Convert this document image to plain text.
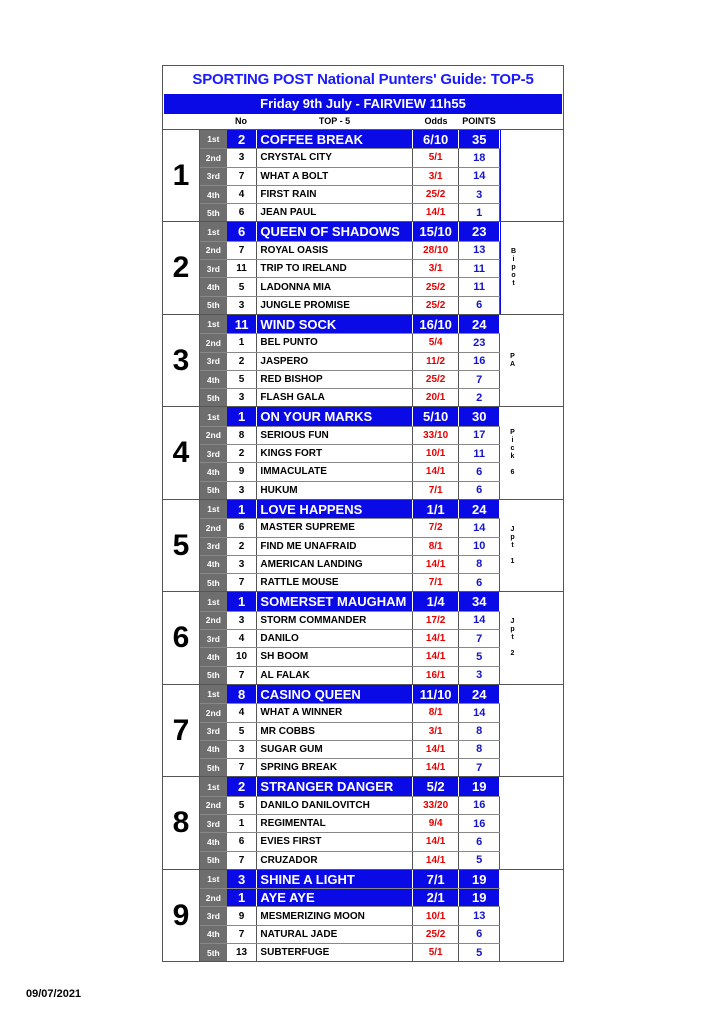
SPORTING POST National Punters' Guide: TOP-5
Friday 9th July - FAIRVIEW 11h55
No	TOP - 5	Odds	POINTS
1
1st	2	COFFEE BREAK	6/10	35
2nd	3	CRYSTAL CITY	5/1	18
3rd	7	WHAT A BOLT	3/1	14
4th	4	FIRST RAIN	25/2	3
5th	6	JEAN PAUL	14/1	1
2
1st	6	QUEEN OF SHADOWS	15/10	23
2nd	7	ROYAL OASIS	28/10	13
3rd	11	TRIP TO IRELAND	3/1	11
4th	5	LADONNA MIA	25/2	11
5th	3	JUNGLE PROMISE	25/2	6
B
i
p
o
t
3
1st	11 WIND SOCK	16/10	24
2nd	1	BEL PUNTO	5/4	23
3rd	2	JASPERO	11/2	16
4th	5	RED BISHOP	25/2	7
5th	3	FLASH GALA	20/1	2
P
A
4
1st	1	ON YOUR MARKS	5/10	30
2nd	8	SERIOUS FUN	33/10	17
3rd	2	KINGS FORT	10/1	11
4th	9	IMMACULATE	14/1	6
5th	3	HUKUM	7/1	6
P
i
c
k

6
5
1st	1	LOVE HAPPENS	1/1	24
2nd	6	MASTER SUPREME	7/2	14
3rd	2	FIND ME UNAFRAID	8/1	10
4th	3	AMERICAN LANDING	14/1	8
5th	7	RATTLE MOUSE	7/1	6
J
p
t

1
6
1st	1	SOMERSET MAUGHAM	1/4	34
2nd	3	STORM COMMANDER	17/2	14
3rd	4	DANILO	14/1	7
4th	10	SH BOOM	14/1	5
5th	7	AL FALAK	16/1	3
J
p
t

2
7
1st	8	CASINO QUEEN	11/10	24
2nd	4	WHAT A WINNER	8/1	14
3rd	5	MR COBBS	3/1	8
4th	3	SUGAR GUM	14/1	8
5th	7	SPRING BREAK	14/1	7
8
1st	2	STRANGER DANGER	5/2	19
2nd	5	DANILO DANILOVITCH	33/20	16
3rd	1	REGIMENTAL	9/4	16
4th	6	EVIES FIRST	14/1	6
5th	7	CRUZADOR	14/1	5
9
1st	3	SHINE A LIGHT	7/1	19
2nd	1	AYE AYE	2/1	19
3rd	9	MESMERIZING MOON	10/1	13
4th	7	NATURAL JADE	25/2	6
5th	13	SUBTERFUGE	5/1	5
09/07/2021
